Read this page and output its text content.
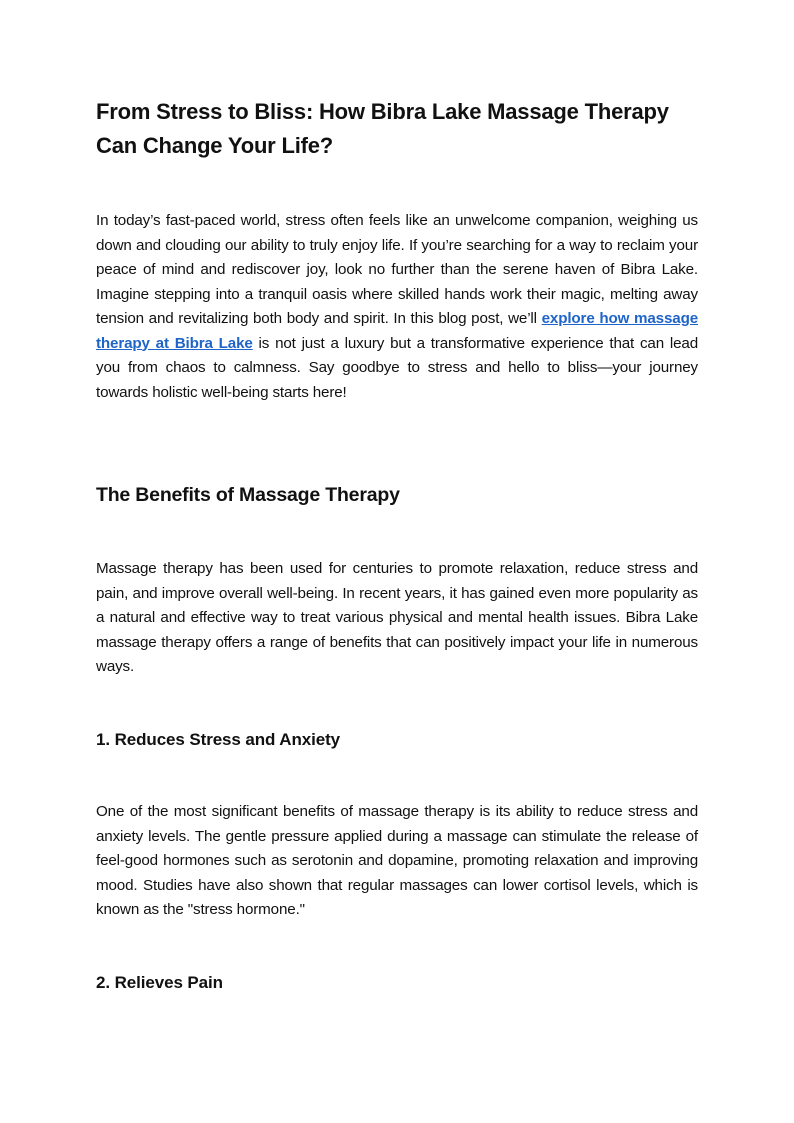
From Stress to Bliss: How Bibra Lake Massage Therapy Can Change Your Life?

In today’s fast-paced world, stress often feels like an unwelcome companion, weighing us down and clouding our ability to truly enjoy life. If you’re searching for a way to reclaim your peace of mind and rediscover joy, look no further than the serene haven of Bibra Lake. Imagine stepping into a tranquil oasis where skilled hands work their magic, melting away tension and revitalizing both body and spirit. In this blog post, we’ll explore how massage therapy at Bibra Lake is not just a luxury but a transformative experience that can lead you from chaos to calmness. Say goodbye to stress and hello to bliss—your journey towards holistic well-being starts here!

The Benefits of Massage Therapy

Massage therapy has been used for centuries to promote relaxation, reduce stress and pain, and improve overall well-being. In recent years, it has gained even more popularity as a natural and effective way to treat various physical and mental health issues. Bibra Lake massage therapy offers a range of benefits that can positively impact your life in numerous ways.

1. Reduces Stress and Anxiety

One of the most significant benefits of massage therapy is its ability to reduce stress and anxiety levels. The gentle pressure applied during a massage can stimulate the release of feel-good hormones such as serotonin and dopamine, promoting relaxation and improving mood. Studies have also shown that regular massages can lower cortisol levels, which is known as the "stress hormone."

2. Relieves Pain
